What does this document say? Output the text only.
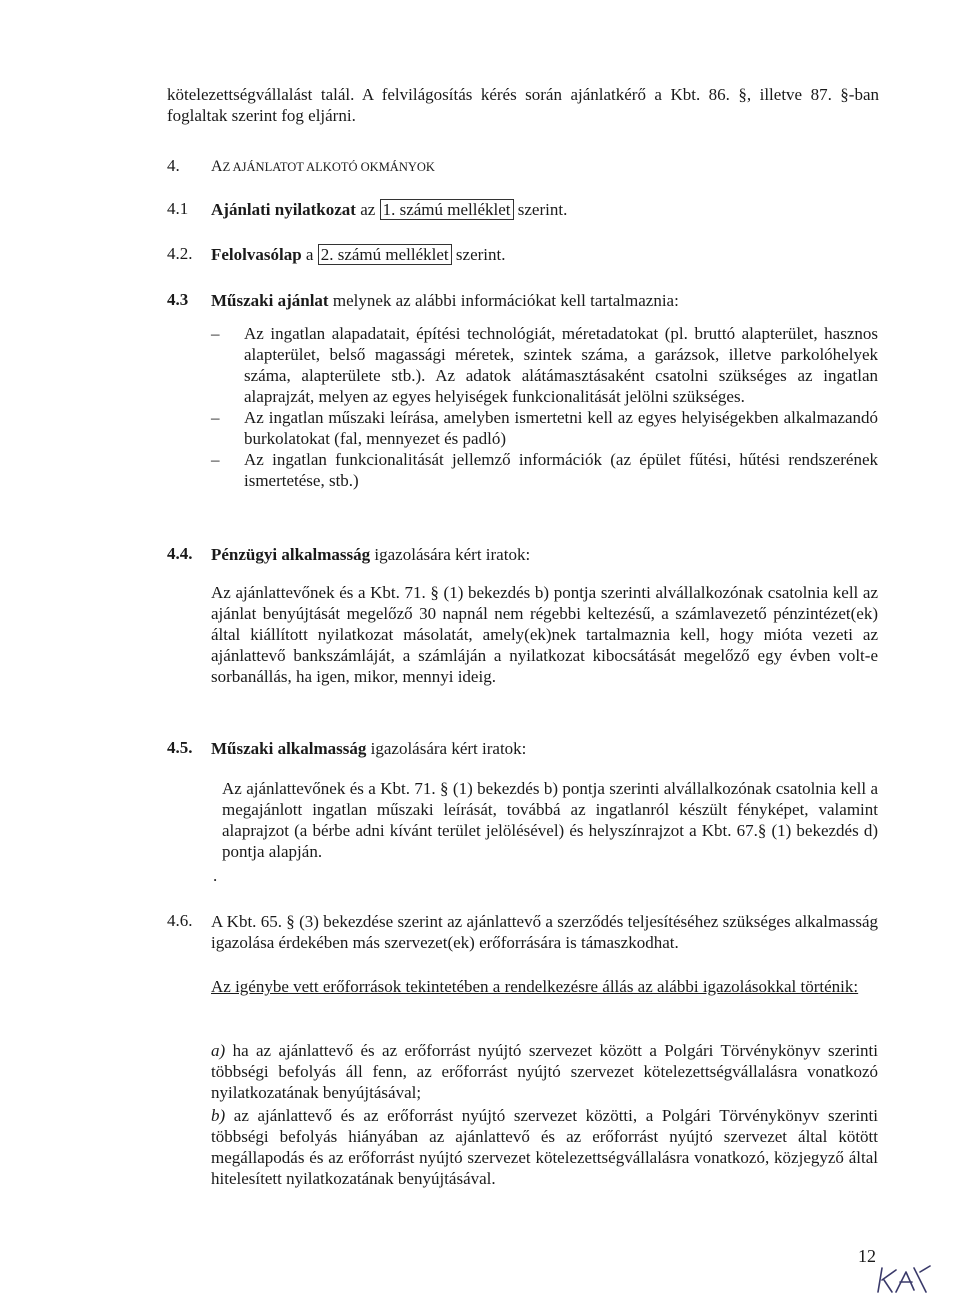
kötelezettségvállalást talál. A felvilágosítás kérés során ajánlatkérő a Kbt. 86. §, illetve 87. §-ban foglaltak szerint fog eljárni.
4. AZ AJÁNLATOT ALKOTÓ OKMÁNYOK
4.1 Ajánlati nyilatkozat az 1. számú melléklet szerint.
4.2. Felolvasólap a 2. számú melléklet szerint.
4.3 Műszaki ajánlat melynek az alábbi információkat kell tartalmaznia:
– Az ingatlan alapadatait, építési technológiát, méretadatokat (pl. bruttó alapterület, hasznos alapterület, belső magassági méretek, szintek száma, a garázsok, illetve parkolóhelyek száma, alapterülete stb.). Az adatok alátámasztásaként csatolni szükséges az ingatlan alaprajzát, melyen az egyes helyiségek funkcionalitását jelölni szükséges.
– Az ingatlan műszaki leírása, amelyben ismertetni kell az egyes helyiségekben alkalmazandó burkolatokat (fal, mennyezet és padló)
– Az ingatlan funkcionalitását jellemző információk (az épület fűtési, hűtési rendszerének ismertetése, stb.)
4.4. Pénzügyi alkalmasság igazolására kért iratok:
Az ajánlattevőnek és a Kbt. 71. § (1) bekezdés b) pontja szerinti alvállalkozónak csatolnia kell az ajánlat benyújtását megelőző 30 napnál nem régebbi keltezésű, a számlavezető pénzintézet(ek) által kiállított nyilatkozat másolatát, amely(ek)nek tartalmaznia kell, hogy mióta vezeti az ajánlattevő bankszámláját, a számláján a nyilatkozat kibocsátását megelőző egy évben volt-e sorbanállás, ha igen, mikor, mennyi ideig.
4.5. Műszaki alkalmasság igazolására kért iratok:
Az ajánlattevőnek és a Kbt. 71. § (1) bekezdés b) pontja szerinti alvállalkozónak csatolnia kell a megajánlott ingatlan műszaki leírását, továbbá az ingatlanról készült fényképet, valamint alaprajzot (a bérbe adni kívánt terület jelölésével) és helyszínrajzot a Kbt. 67.§ (1) bekezdés d) pontja alapján.
.
4.6. A Kbt. 65. § (3) bekezdése szerint az ajánlattevő a szerződés teljesítéséhez szükséges alkalmasság igazolása érdekében más szervezet(ek) erőforrására is támaszkodhat.
Az igénybe vett erőforrások tekintetében a rendelkezésre állás az alábbi igazolásokkal történik:
a) ha az ajánlattevő és az erőforrást nyújtó szervezet között a Polgári Törvénykönyv szerinti többségi befolyás áll fenn, az erőforrást nyújtó szervezet kötelezettségvállalásra vonatkozó nyilatkozatának benyújtásával;
b) az ajánlattevő és az erőforrást nyújtó szervezet közötti, a Polgári Törvénykönyv szerinti többségi befolyás hiányában az ajánlattevő és az erőforrást nyújtó szervezet által kötött megállapodás és az erőforrást nyújtó szervezet kötelezettségvállalásra vonatkozó, közjegyző által hitelesített nyilatkozatának benyújtásával.
12
